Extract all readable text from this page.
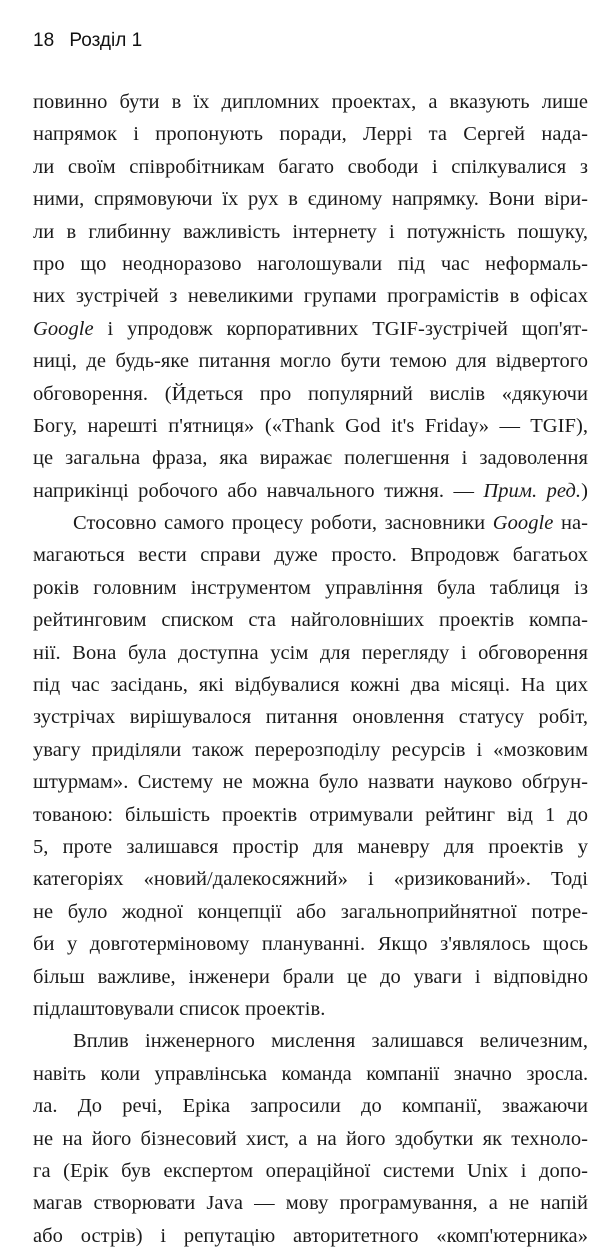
18 Розділ 1
повинно бути в їх дипломних проектах, а вказують лише
напрямок і пропонують поради, Леррі та Сергей нада-
ли своїм співробітникам багато свободи і спілкувалися з
ними, спрямовуючи їх рух в єдиному напрямку. Вони віри-
ли в глибинну важливість інтернету і потужність пошуку,
про що неодноразово наголошували під час неформаль-
них зустрічей з невеликими групами програмістів в офісах
Google і упродовж корпоративних TGIF-зустрічей щоп'ят-
ниці, де будь-яке питання могло бути темою для відвертого
обговорення. (Йдеться про популярний вислів «дякуючи
Богу, нарешті п'ятниця» («Thank God it's Friday» — TGIF),
це загальна фраза, яка виражає полегшення і задоволення
наприкінці робочого або навчального тижня. — Прим. ред.)
Стосовно самого процесу роботи, засновники Google на-
магаються вести справи дуже просто. Впродовж багатьох
років головним інструментом управління була таблиця із
рейтинговим списком ста найголовніших проектів компа-
нії. Вона була доступна усім для перегляду і обговорення
під час засідань, які відбувалися кожні два місяці. На цих
зустрічах вирішувалося питання оновлення статусу робіт,
увагу приділяли також перерозподілу ресурсів і «мозковим
штурмам». Систему не можна було назвати науково обґрун-
тованою: більшість проектів отримували рейтинг від 1 до
5, проте залишався простір для маневру для проектів у
категоріях «новий/далекосяжний» і «ризикований». Тоді
не було жодної концепції або загальноприйнятної потре-
би у довготерміновому плануванні. Якщо з'являлось щось
більш важливе, інженери брали це до уваги і відповідно
підлаштовували список проектів.
Вплив інженерного мислення залишався величезним,
навіть коли управлінська команда компанії значно зросла.
ла. До речі, Еріка запросили до компанії, зважаючи
не на його бізнесовий хист, а на його здобутки як техноло-
га (Ерік був експертом операційної системи Unix і допо-
магав створювати Java — мову програмування, а не напій
або острів) і репутацію авторитетного «комп'ютерника»
